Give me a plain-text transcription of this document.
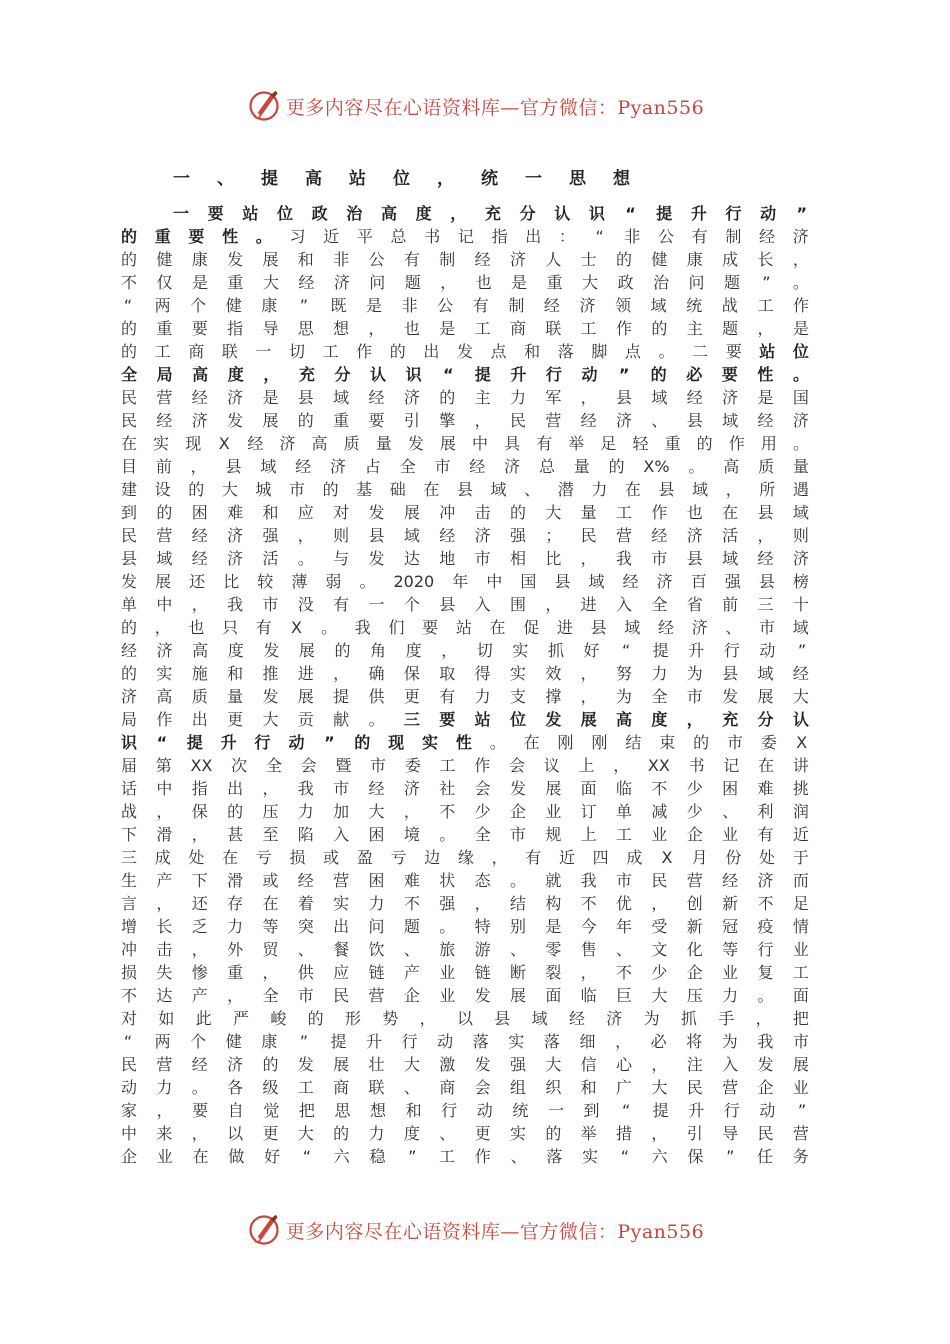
更多内容尽在心语资料库—官方微信：Pyan556
一 、 提 高 站 位 ， 统 一 思 想
一 要 站 位 政 治 高 度 ， 充 分 认 识 “ 提 升 行 动 ”
的 重 要 性 。 习 近 平 总 书 记 指 出 ： “ 非 公 有 制 经 济
的 健 康 发 展 和 非 公 有 制 经 济 人 士 的 健 康 成 长 ，
不 仅 是 重 大 经 济 问 题 ， 也 是 重 大 政 治 问 题 ” 。
“ 两 个 健 康 ” 既 是 非 公 有 制 经 济 领 域 统 战 工 作
的 重 要 指 导 思 想 ， 也 是 工 商 联 工 作 的 主 题 ， 是
的 工 商 联 一 切 工 作 的 出 发 点 和 落 脚 点 。 二 要 站 位
全 局 高 度 ， 充 分 认 识 “ 提 升 行 动 ” 的 必 要 性 。
民 营 经 济 是 县 域 经 济 的 主 力 军 ， 县 域 经 济 是 国
民 经 济 发 展 的 重 要 引 擎 ， 民 营 经 济 、 县 域 经 济
在 实 现 X 经 济 高 质 量 发 展 中 具 有 举 足 轻 重 的 作 用 。
目 前 ， 县 域 经 济 占 全 市 经 济 总 量 的 X% 。 高 质 量
建 设 的 大 城 市 的 基 础 在 县 域 、 潜 力 在 县 域 ， 所 遇
到 的 困 难 和 应 对 发 展 冲 击 的 大 量 工 作 也 在 县 域
民 营 经 济 强 ， 则 县 域 经 济 强 ； 民 营 经 济 活 ， 则
县 域 经 济 活 。 与 发 达 地 市 相 比 ， 我 市 县 域 经 济
发 展 还 比 较 薄 弱 。 2020 年 中 国 县 域 经 济 百 强 县 榜
单 中 ， 我 市 没 有 一 个 县 入 围 ， 进 入 全 省 前 三 十
的 ， 也 只 有 X 。 我 们 要 站 在 促 进 县 域 经 济 、 市 域
经 济 高 度 发 展 的 角 度 ， 切 实 抓 好 “ 提 升 行 动 ”
的 实 施 和 推 进 ， 确 保 取 得 实 效 ， 努 力 为 县 域 经
济 高 质 量 发 展 提 供 更 有 力 支 撑 ， 为 全 市 发 展 大
局 作 出 更 大 贡 献 。 三 要 站 位 发 展 高 度 ， 充 分 认
识 “ 提 升 行 动 ” 的 现 实 性 。 在 刚 刚 结 束 的 市 委 X
届 第 XX 次 全 会 暨 市 委 工 作 会 议 上 ， XX 书 记 在 讲
话 中 指 出 ， 我 市 经 济 社 会 发 展 面 临 不 少 困 难 挑
战 ， 保 的 压 力 加 大 ， 不 少 企 业 订 单 减 少 、 利 润
下 滑 ， 甚 至 陷 入 困 境 。 全 市 规 上 工 业 企 业 有 近
三 成 处 在 亏 损 或 盈 亏 边 缘 ， 有 近 四 成 X 月 份 处 于
生 产 下 滑 或 经 营 困 难 状 态 。 就 我 市 民 营 经 济 而
言 ， 还 存 在 着 实 力 不 强 ， 结 构 不 优 ， 创 新 不 足
增 长 乏 力 等 突 出 问 题 。 特 别 是 今 年 受 新 冠 疫 情
冲 击 ， 外 贸 、 餐 饮 、 旅 游 、 零 售 、 文 化 等 行 业
损 失 惨 重 ， 供 应 链 产 业 链 断 裂 ， 不 少 企 业 复 工
不 达 产 ， 全 市 民 营 企 业 发 展 面 临 巨 大 压 力 。 面
对 如 此 严 峻 的 形 势 ， 以 县 域 经 济 为 抓 手 ， 把
“ 两 个 健 康 ” 提 升 行 动 落 实 落 细 ， 必 将 为 我 市
民 营 经 济 的 发 展 壮 大 激 发 强 大 信 心 ， 注 入 发 展
动 力 。 各 级 工 商 联 、 商 会 组 织 和 广 大 民 营 企 业
家 ， 要 自 觉 把 思 想 和 行 动 统 一 到 “ 提 升 行 动 ”
中 来 ， 以 更 大 的 力 度 、 更 实 的 举 措 ， 引 导 民 营
企 业 在 做 好 “ 六 稳 ” 工 作 、 落 实 “ 六 保 ” 任 务
更多内容尽在心语资料库—官方微信：Pyan556
